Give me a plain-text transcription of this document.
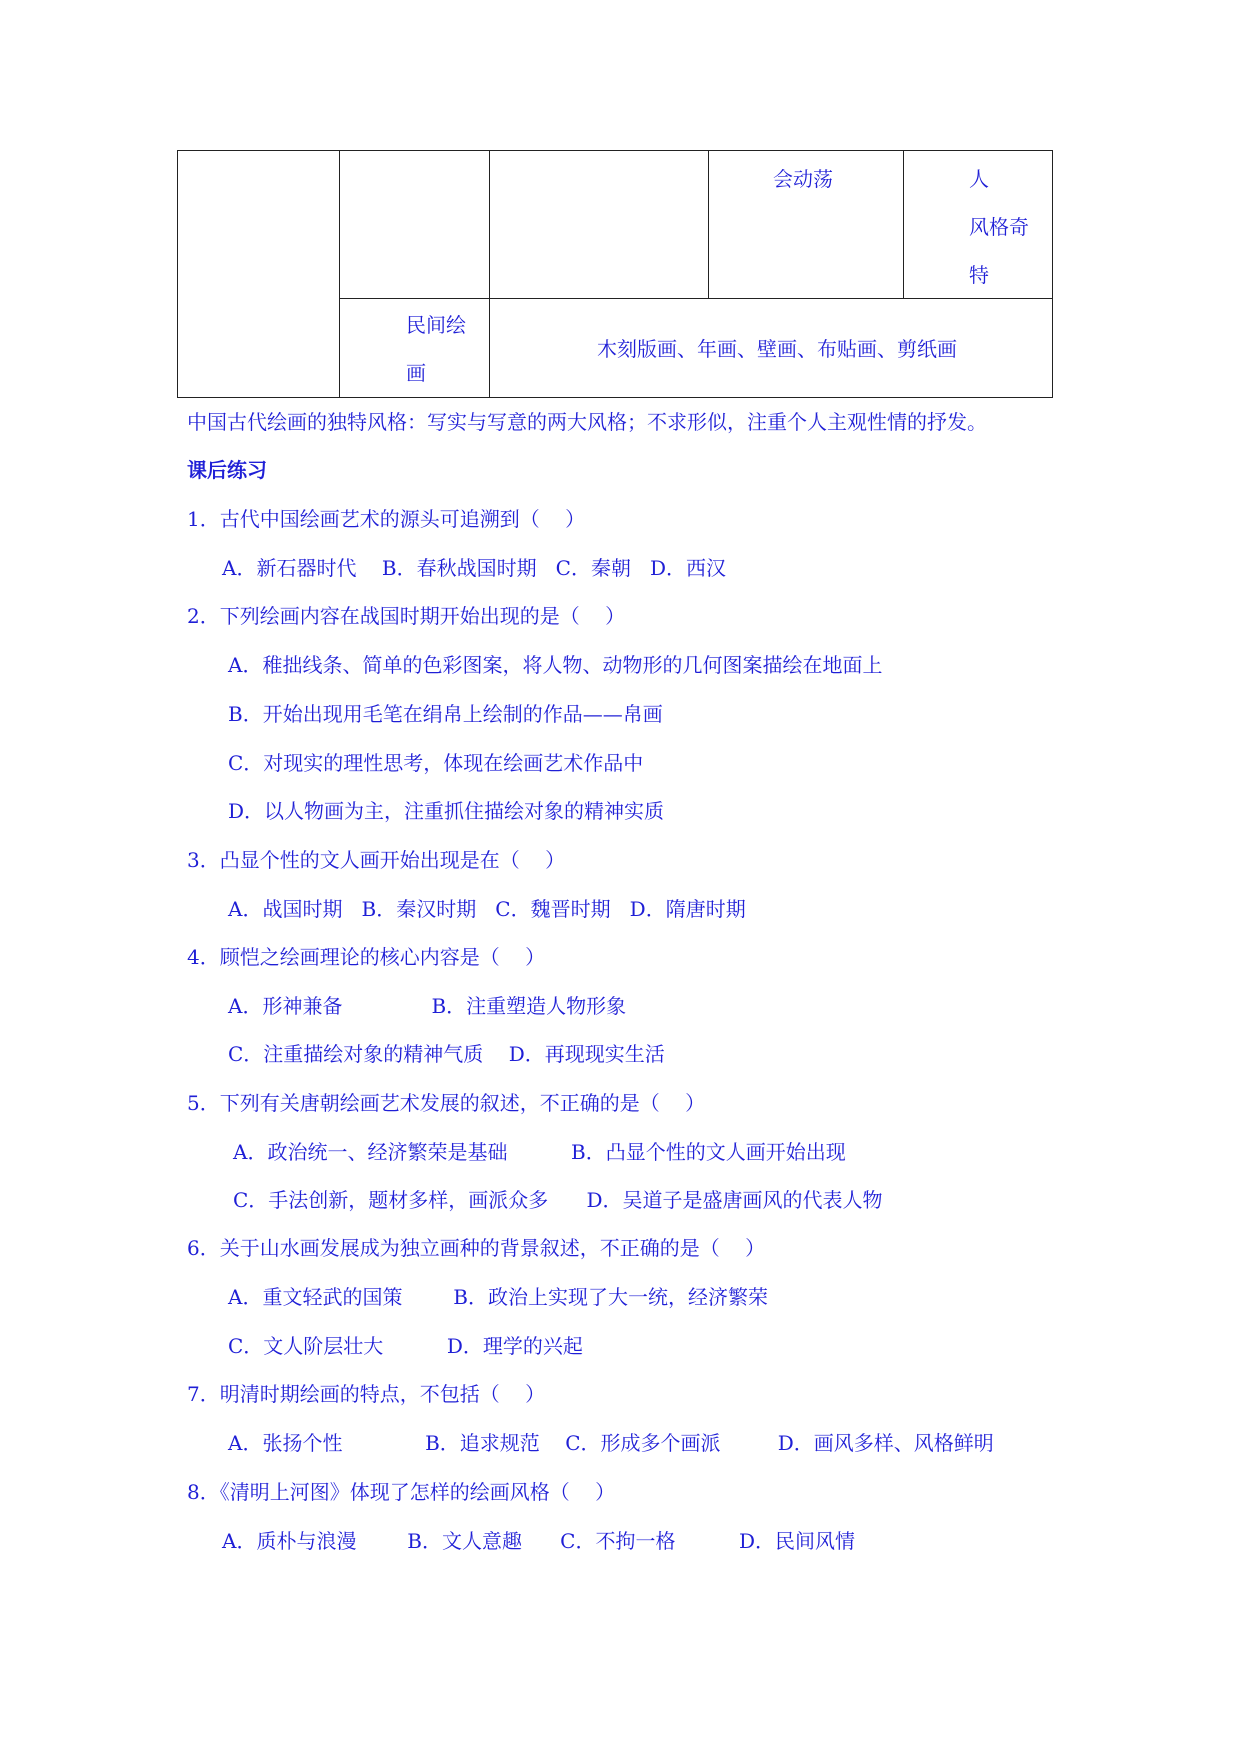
会动荡	人
风格奇
特
民间绘
画
木刻版画、年画、壁画、布贴画、剪纸画
中国古代绘画的独特风格：写实与写意的两大风格；不求形似，注重个人主观性情的抒发。
课后练习
1．古代中国绘画艺术的源头可追溯到（    ）
A．新石器时代    B．春秋战国时期   C．秦朝   D．西汉
2．下列绘画内容在战国时期开始出现的是（    ）
A．稚拙线条、简单的色彩图案，将人物、动物形的几何图案描绘在地面上
B．开始出现用毛笔在绢帛上绘制的作品——帛画
C．对现实的理性思考，体现在绘画艺术作品中
D．以人物画为主，注重抓住描绘对象的精神实质
3．凸显个性的文人画开始出现是在（    ）
A．战国时期   B．秦汉时期   C．魏晋时期   D．隋唐时期
4．顾恺之绘画理论的核心内容是（    ）
A．形神兼备              B．注重塑造人物形象
C．注重描绘对象的精神气质    D．再现现实生活
5．下列有关唐朝绘画艺术发展的叙述，不正确的是（    ）
A．政治统一、经济繁荣是基础          B．凸显个性的文人画开始出现
C．手法创新，题材多样，画派众多      D．吴道子是盛唐画风的代表人物
6．关于山水画发展成为独立画种的背景叙述，不正确的是（    ）
A．重文轻武的国策        B．政治上实现了大一统，经济繁荣
C．文人阶层壮大          D．理学的兴起
7．明清时期绘画的特点，不包括（    ）
A．张扬个性             B．追求规范    C．形成多个画派         D．画风多样、风格鲜明
8．《清明上河图》体现了怎样的绘画风格（    ）
A．质朴与浪漫        B．文人意趣      C．不拘一格          D．民间风情
